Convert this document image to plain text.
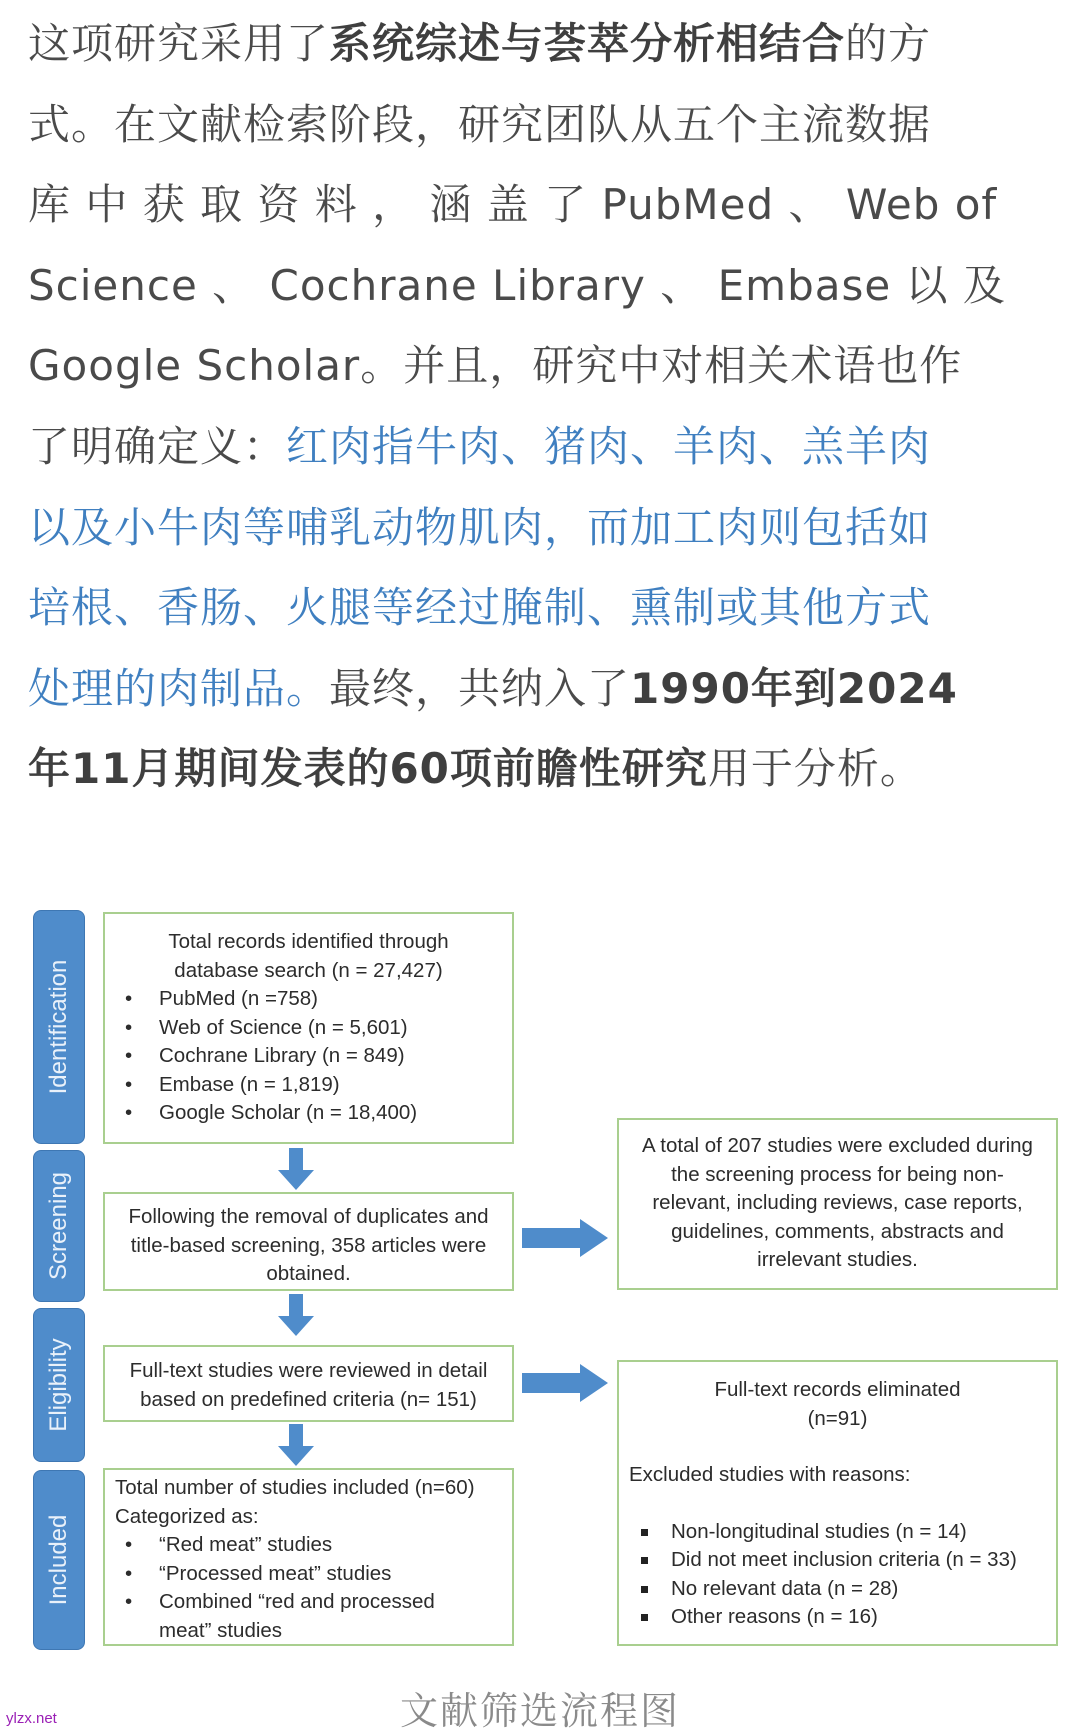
这项研究采用了系统综述与荟萃分析相结合的方
式。在文献检索阶段，研究团队从五个主流数据
库 中 获 取 资 料 ， 涵 盖 了 PubMed 、 Web of
Science 、 Cochrane Library 、 Embase 以 及
Google Scholar。并且，研究中对相关术语也作
了明确定义：红肉指牛肉、猪肉、羊肉、羔羊肉
以及小牛肉等哺乳动物肌肉，而加工肉则包括如
培根、香肠、火腿等经过腌制、熏制或其他方式
处理的肉制品。最终，共纳入了1990年到2024
年11月期间发表的60项前瞻性研究用于分析。
Identification
Screening
Eligibility
Included
Total records identified through
database search (n = 27,427)
• PubMed (n =758)
• Web of Science (n = 5,601)
• Cochrane Library (n = 849)
• Embase (n = 1,819)
• Google Scholar (n = 18,400)
Following the removal of duplicates and
title-based screening, 358 articles were
obtained.
Full-text studies were reviewed in detail
based on predefined criteria (n= 151)
Total number of studies included (n=60)
Categorized as:
• “Red meat” studies
• “Processed meat” studies
• Combined “red and processed
meat” studies
A total of 207 studies were excluded during
the screening process for being non-
relevant, including reviews, case reports,
guidelines, comments, abstracts and
irrelevant studies.
Full-text records eliminated
(n=91)
Excluded studies with reasons:
Non-longitudinal studies (n = 14)
Did not meet inclusion criteria (n = 33)
No relevant data (n = 28)
Other reasons (n = 16)
文献筛选流程图
ylzx.net
